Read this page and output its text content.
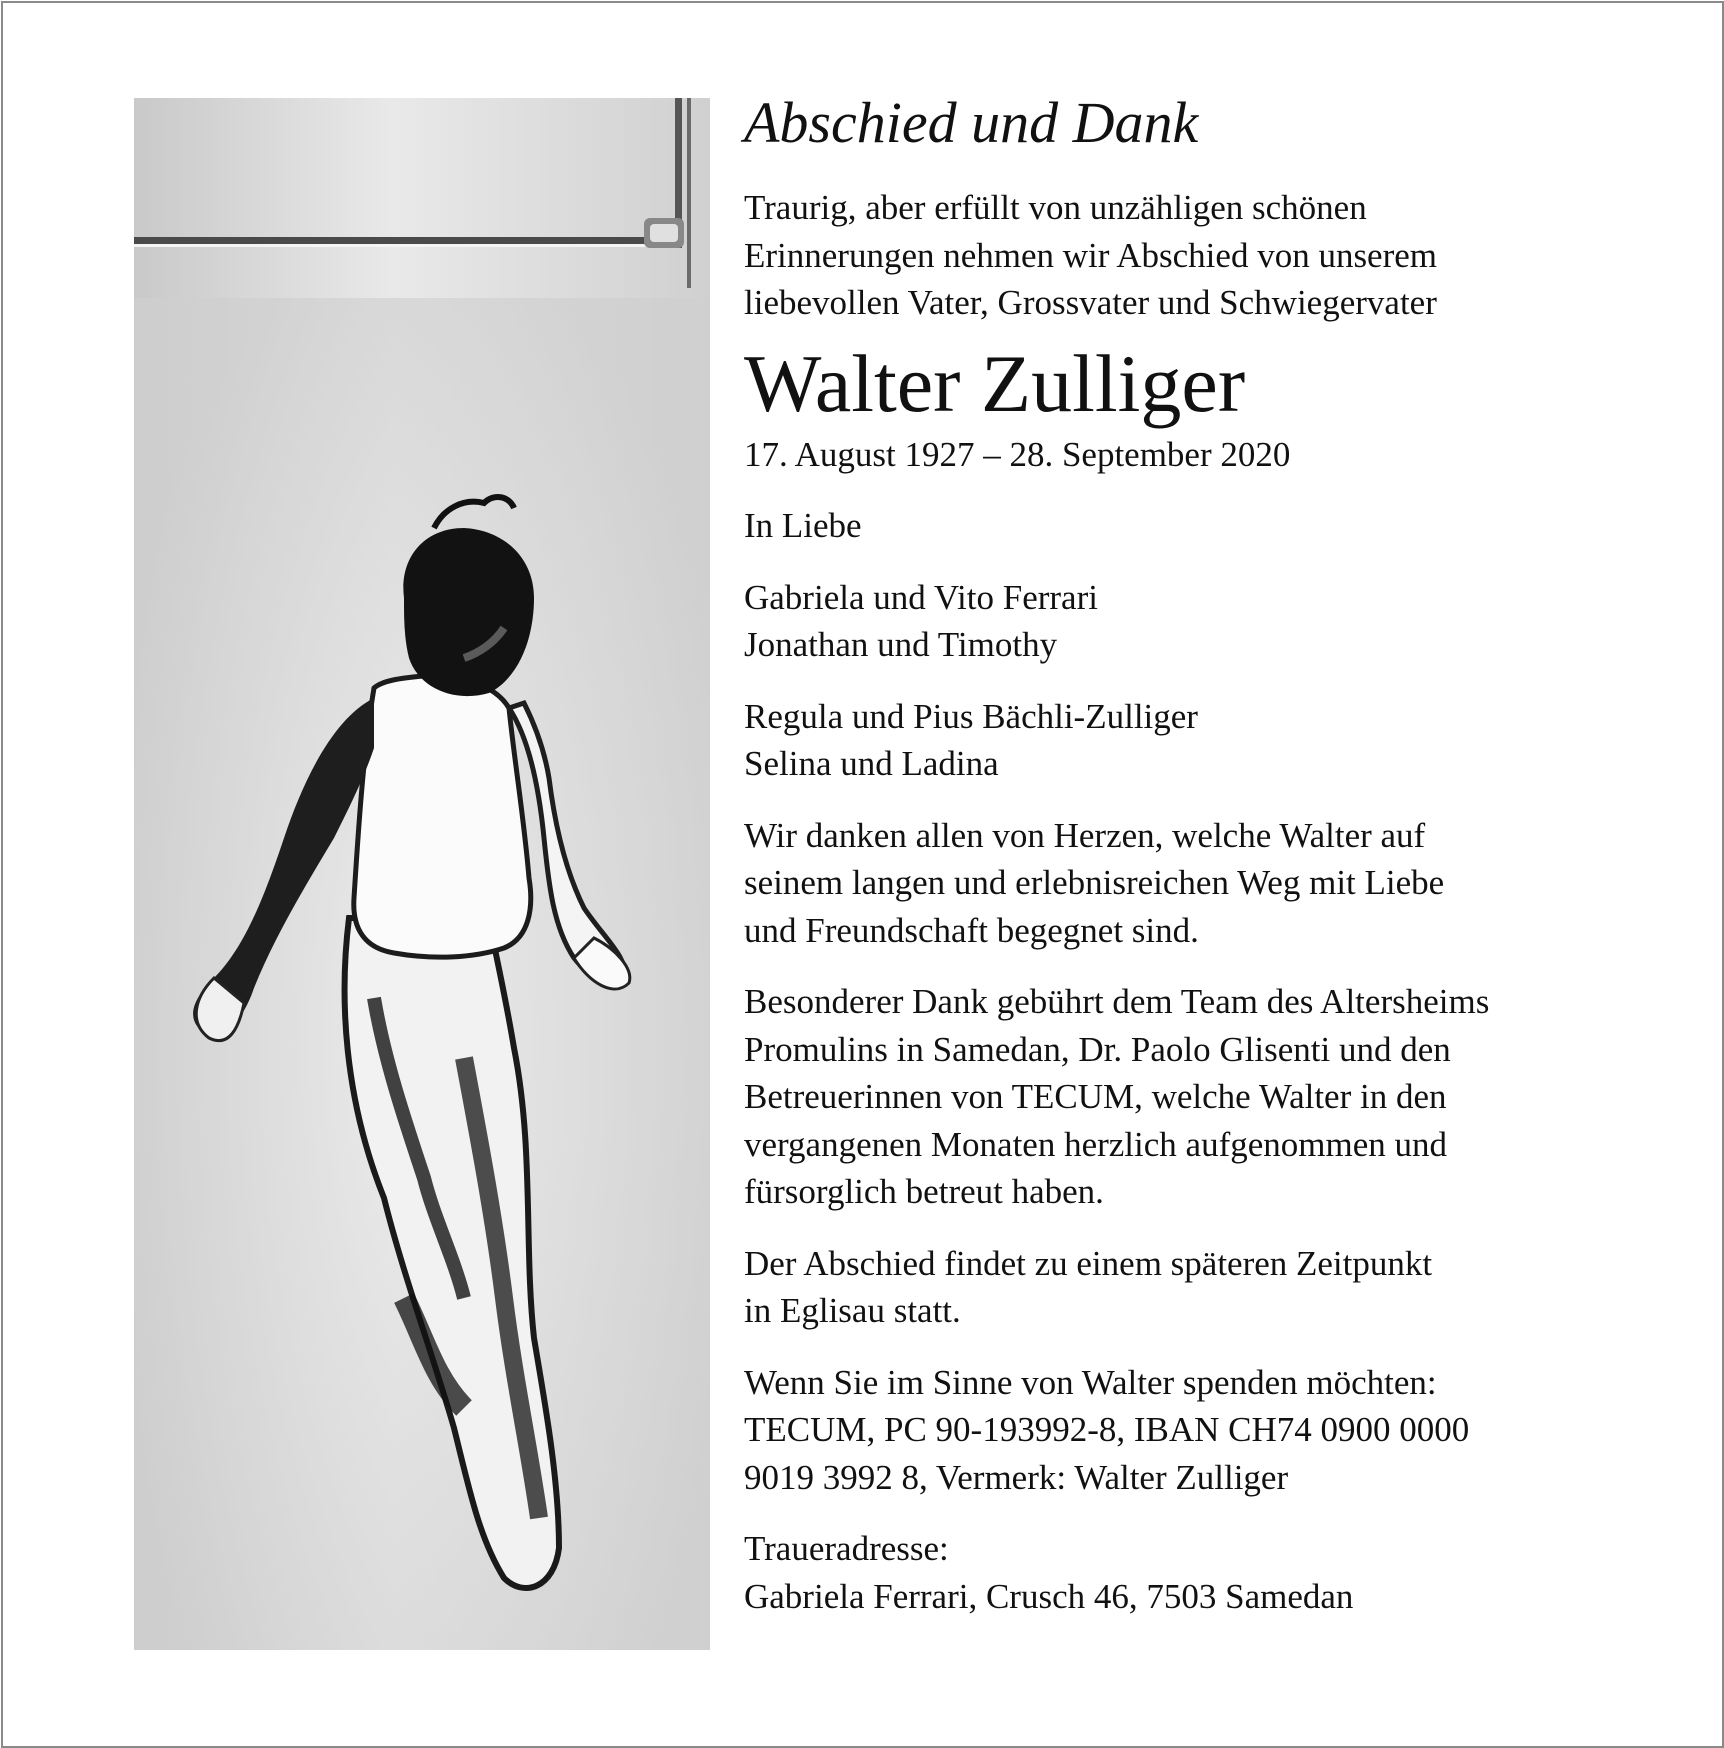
Abschied und Dank

Traurig, aber erfüllt von unzähligen schönen
Erinnerungen nehmen wir Abschied von unserem
liebevollen Vater, Grossvater und Schwiegervater

Walter Zulliger

17. August 1927 – 28. September 2020

In Liebe

Gabriela und Vito Ferrari
Jonathan und Timothy

Regula und Pius Bächli-Zulliger
Selina und Ladina

Wir danken allen von Herzen, welche Walter auf
seinem langen und erlebnisreichen Weg mit Liebe
und Freundschaft begegnet sind.

Besonderer Dank gebührt dem Team des Altersheims
Promulins in Samedan, Dr. Paolo Glisenti und den
Betreuerinnen von TECUM, welche Walter in den
vergangenen Monaten herzlich aufgenommen und
fürsorglich betreut haben.

Der Abschied findet zu einem späteren Zeitpunkt
in Eglisau statt.

Wenn Sie im Sinne von Walter spenden möchten:
TECUM, PC 90-193992-8, IBAN CH74 0900 0000
9019 3992 8, Vermerk: Walter Zulliger

Traueradresse:
Gabriela Ferrari, Crusch 46, 7503 Samedan
